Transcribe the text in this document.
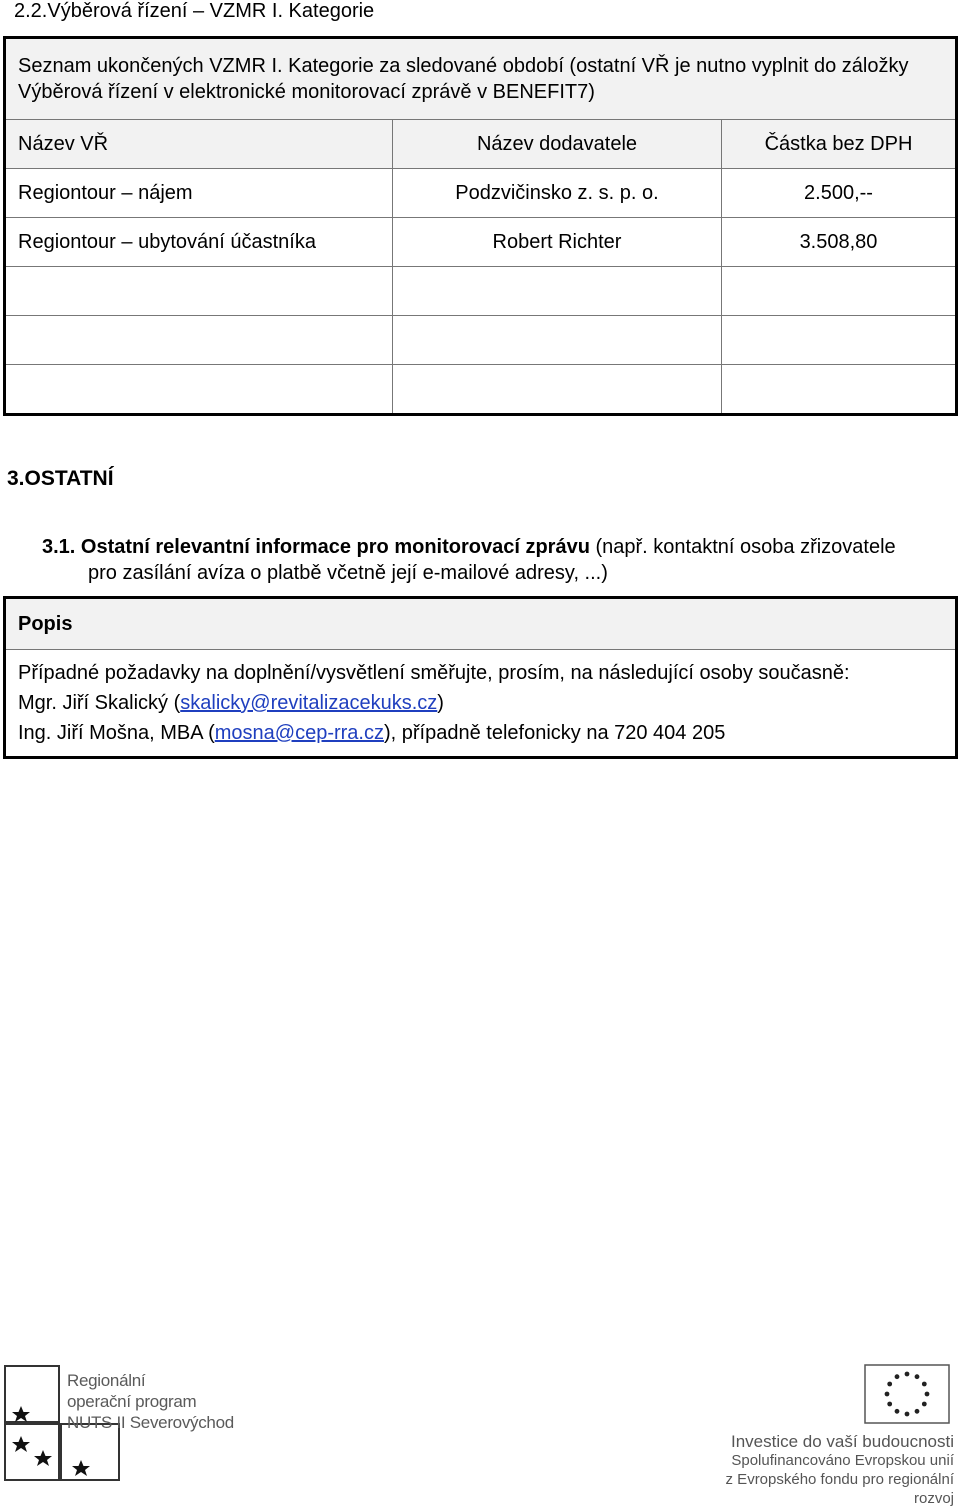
2.2.Výběrová řízení – VZMR I. Kategorie
Seznam ukončených VZMR I. Kategorie za sledované období (ostatní VŘ je nutno vyplnit do záložky Výběrová řízení v elektronické monitorovací zprávě v BENEFIT7)		
Název VŘ	Název dodavatele	Částka bez DPH
Regiontour – nájem	Podzvičinsko z. s. p. o.	2.500,--
Regiontour – ubytování účastníka	Robert Richter	3.508,80

3.OSTATNÍ
3.1. Ostatní relevantní informace pro monitorovací zprávu (např. kontaktní osoba zřizovatele
pro zasílání avíza o platbě včetně její e-mailové adresy, ...)
Popis

Případné požadavky na doplnění/vysvětlení směřujte, prosím, na následující osoby současně:
Mgr. Jiří Skalický (skalicky@revitalizacekuks.cz)
Ing. Jiří Mošna, MBA (mosna@cep-rra.cz), případně telefonicky na 720 404 205
Regionální
operační program
NUTS II Severovýchod
Investice do vaší budoucnosti
Spolufinancováno Evropskou unií
z Evropského fondu pro regionální rozvoj
